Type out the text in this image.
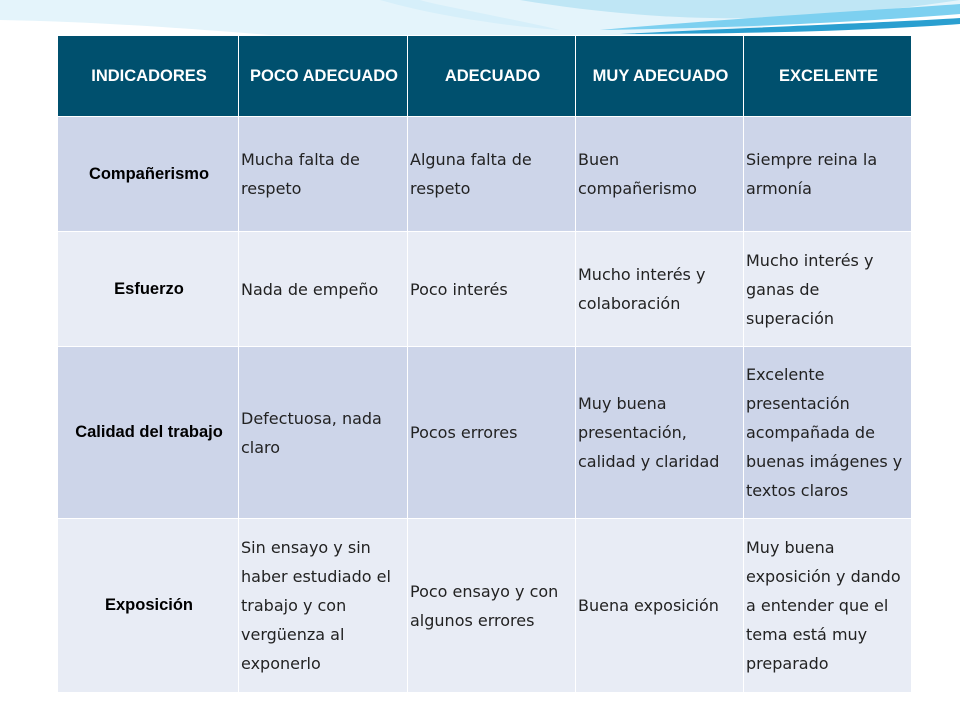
INDICADORES	POCO ADECUADO	ADECUADO	MUY ADECUADO	EXCELENTE
Compañerismo	Mucha falta de respeto	Alguna falta de respeto	Buen compañerismo	Siempre reina la armonía
Esfuerzo	Nada de empeño	Poco interés	Mucho interés y colaboración	Mucho interés y ganas de superación
Calidad del trabajo	Defectuosa, nada claro	Pocos errores	Muy buena presentación, calidad y claridad	Excelente presentación acompañada de buenas imágenes y textos claros
Exposición	Sin ensayo y sin haber estudiado el trabajo y con vergüenza al exponerlo	Poco ensayo y con algunos errores	Buena exposición	Muy buena exposición y dando a entender que el tema está muy preparado
